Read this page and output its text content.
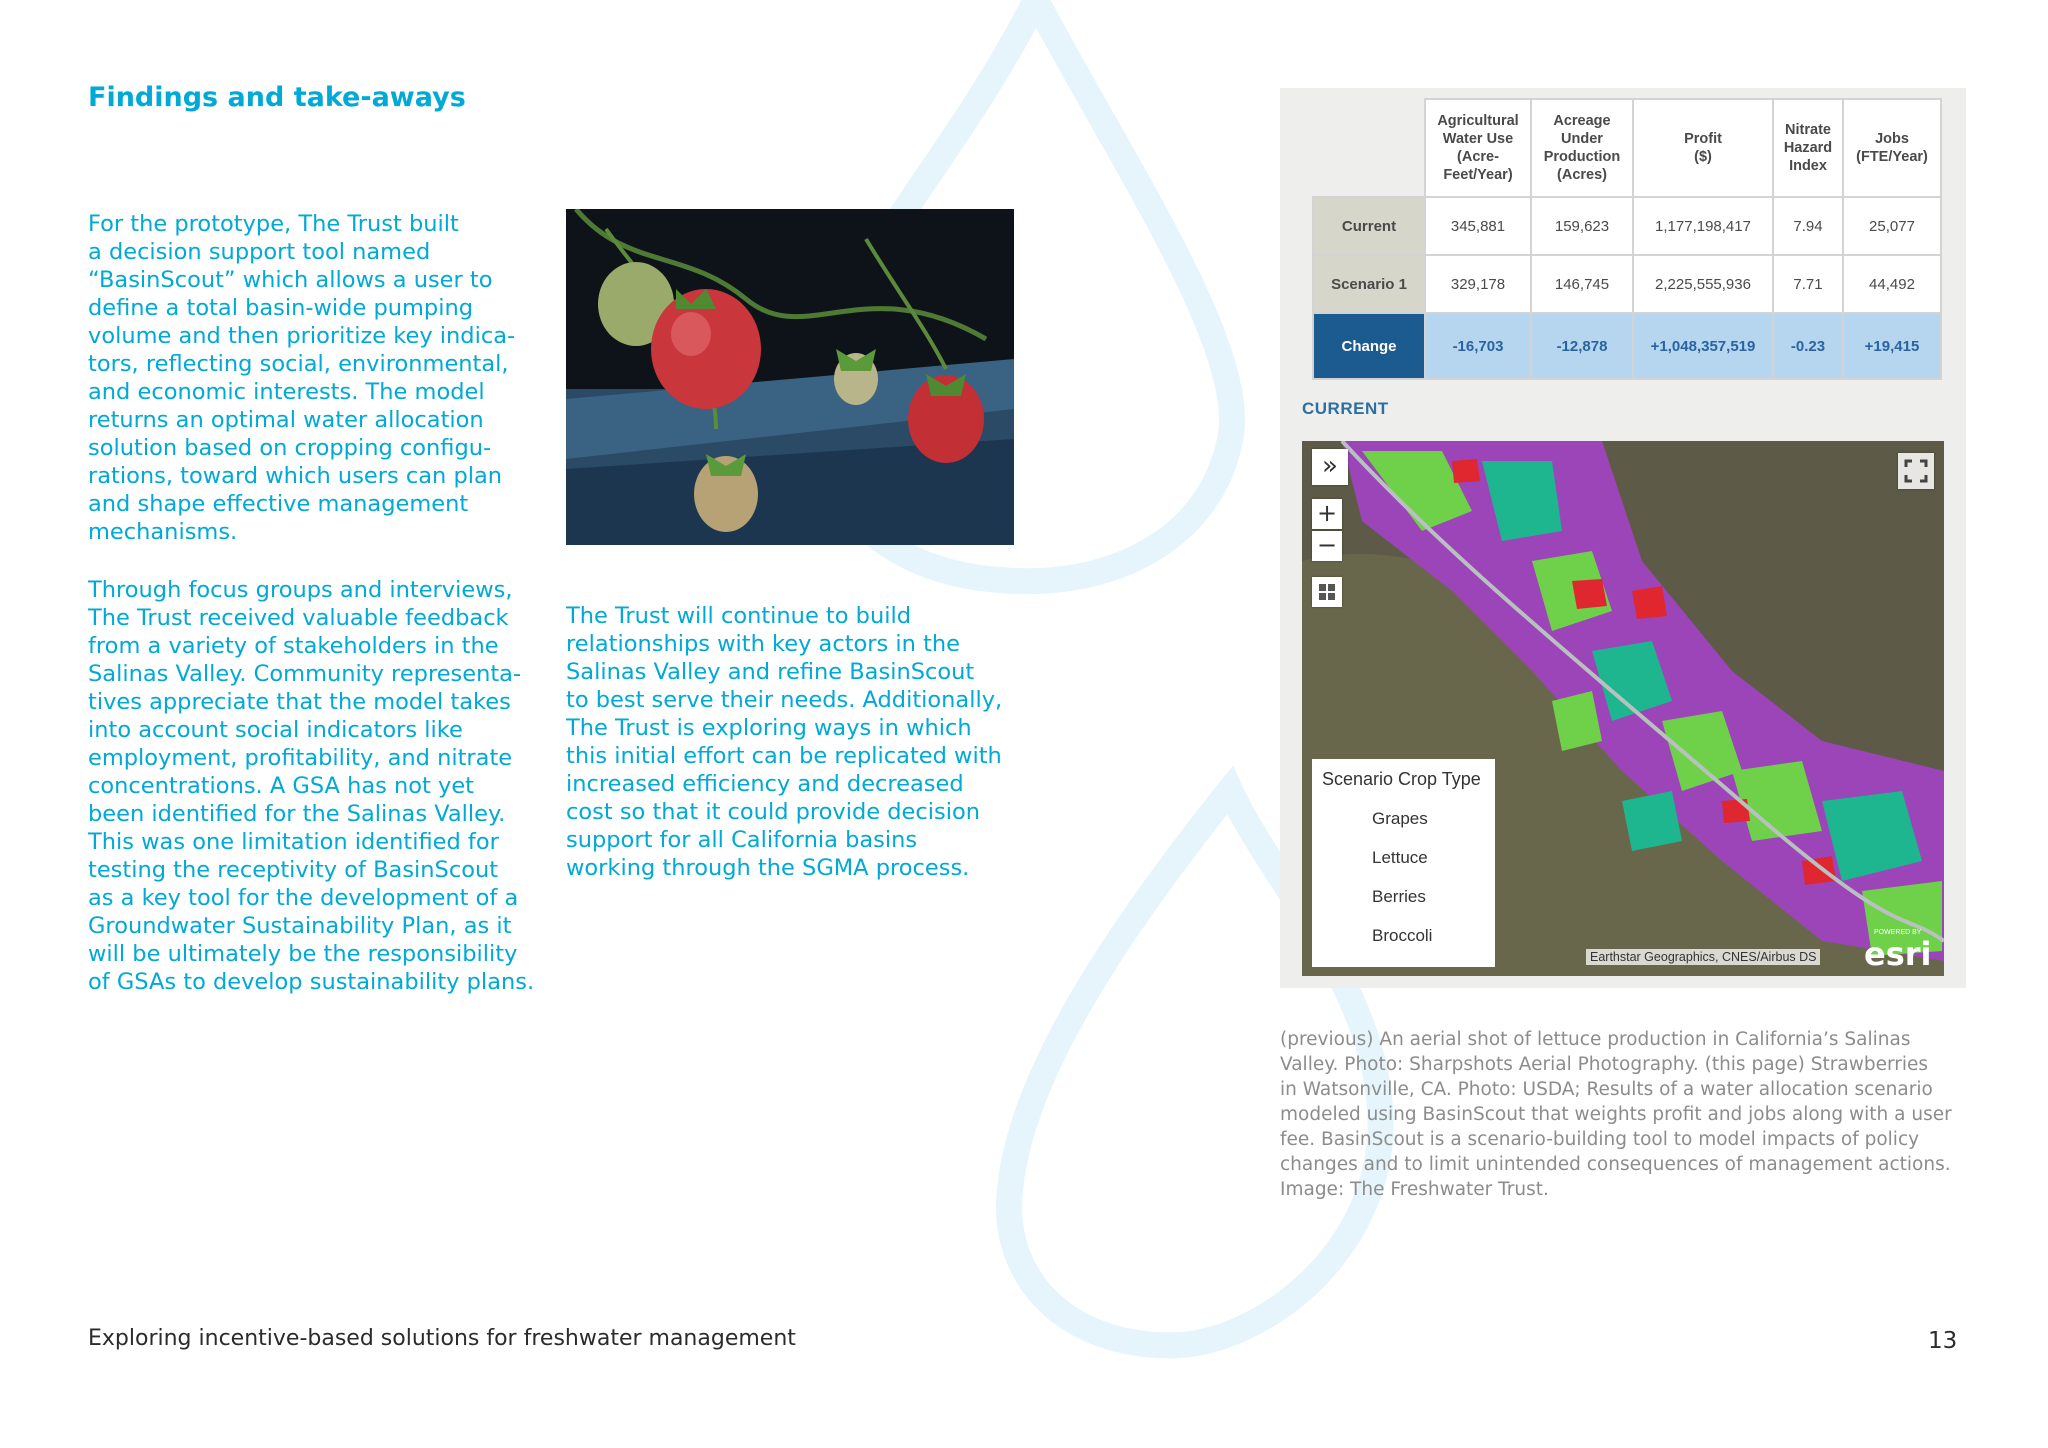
Findings and take-aways

For the prototype, The Trust built
a decision support tool named
“BasinScout” which allows a user to
define a total basin-wide pumping
volume and then prioritize key indica-
tors, reflecting social, environmental,
and economic interests. The model
returns an optimal water allocation
solution based on cropping configu-
rations, toward which users can plan
and shape effective management
mechanisms.

Through focus groups and interviews,
The Trust received valuable feedback
from a variety of stakeholders in the
Salinas Valley. Community representa-
tives appreciate that the model takes
into account social indicators like
employment, profitability, and nitrate
concentrations. A GSA has not yet
been identified for the Salinas Valley.
This was one limitation identified for
testing the receptivity of BasinScout
as a key tool for the development of a
Groundwater Sustainability Plan, as it
will be ultimately be the responsibility
of GSAs to develop sustainability plans.

The Trust will continue to build
relationships with key actors in the
Salinas Valley and refine BasinScout
to best serve their needs. Additionally,
The Trust is exploring ways in which
this initial effort can be replicated with
increased efficiency and decreased
cost so that it could provide decision
support for all California basins
working through the SGMA process.

	Agricultural
Water Use
(Acre-
Feet/Year)	Acreage
Under
Production
(Acres)	Profit
($)	Nitrate
Hazard
Index	Jobs
(FTE/Year)
Current	345,881	159,623	1,177,198,417	7.94	25,077
Scenario 1	329,178	146,745	2,225,555,936	7.71	44,492
Change	-16,703	-12,878	+1,048,357,519	-0.23	+19,415
CURRENT
»
+
−
Scenario Crop Type
Grapes
Lettuce
Berries
Broccoli
Earthstar Geographics, CNES/Airbus DS
POWERED BY
esri

(previous) An aerial shot of lettuce production in California’s Salinas
Valley. Photo: Sharpshots Aerial Photography. (this page) Strawberries
in Watsonville, CA. Photo: USDA; Results of a water allocation scenario
modeled using BasinScout that weights profit and jobs along with a user
fee. BasinScout is a scenario-building tool to model impacts of policy
changes and to limit unintended consequences of management actions.
Image: The Freshwater Trust.

Exploring incentive-based solutions for freshwater management	13
